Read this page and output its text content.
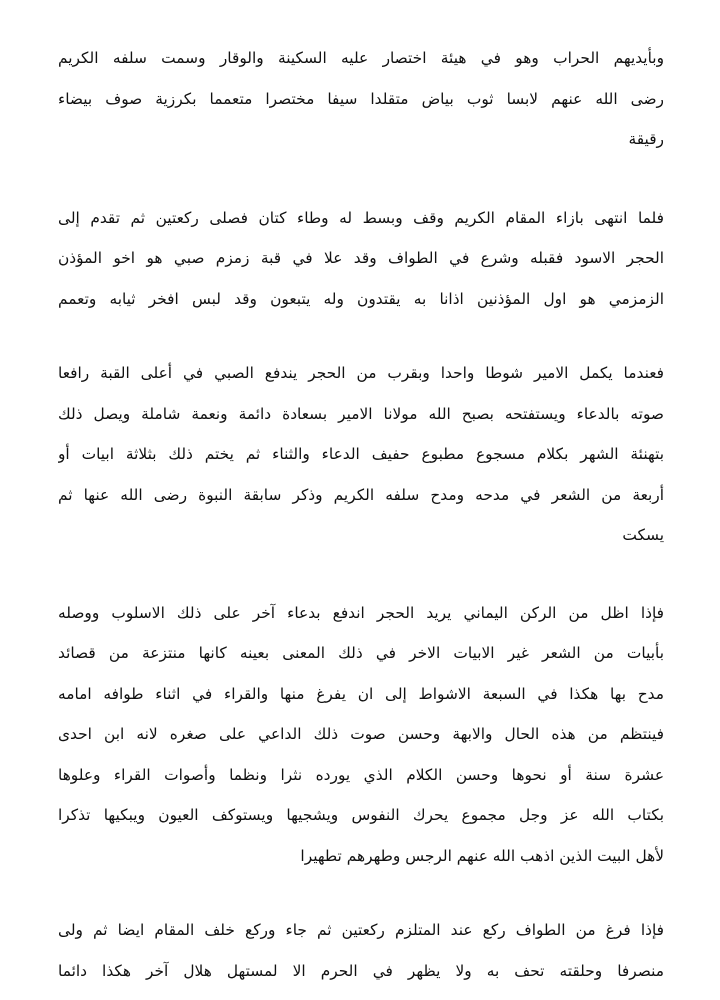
وبأيديهم الحراب وهو في هيئة اختصار عليه السكينة والوقار وسمت سلفه الكريم
رضى الله عنهم لابسا ثوب بياض متقلدا سيفا مختصرا متعمما بكرزية صوف بيضاء
رقيقة
فلما انتهى بازاء المقام الكريم وقف وبسط له وطاء كتان فصلى ركعتين ثم تقدم إلى
الحجر الاسود فقبله وشرع في الطواف وقد علا في قبة زمزم صبي هو اخو المؤذن
الزمزمي هو اول المؤذنين اذانا به يقتدون وله يتبعون وقد لبس افخر ثيابه وتعمم
فعندما يكمل الامير شوطا واحدا وبقرب من الحجر يندفع الصبي في أعلى القبة رافعا
صوته بالدعاء ويستفتحه بصبح الله مولانا الامير بسعادة دائمة ونعمة شاملة ويصل ذلك
بتهنئة الشهر بكلام مسجوع مطبوع حفيف الدعاء والثناء ثم يختم ذلك بثلاثة ابيات أو
أربعة من الشعر في مدحه ومدح سلفه الكريم وذكر سابقة النبوة رضى الله عنها ثم
يسكت
فإذا اظل من الركن اليماني يريد الحجر اندفع بدعاء آخر على ذلك الاسلوب ووصله
بأبيات من الشعر غير الابيات الاخر في ذلك المعنى بعينه كانها منتزعة من قصائد
مدح بها هكذا في السبعة الاشواط إلى ان يفرغ منها والقراء في اثناء طوافه امامه
فينتظم من هذه الحال والابهة وحسن صوت ذلك الداعي على صغره لانه ابن احدى
عشرة سنة أو نحوها وحسن الكلام الذي يورده نثرا ونظما وأصوات القراء وعلوها
بكتاب الله عز وجل مجموع يحرك النفوس ويشجيها ويستوكف العيون ويبكيها تذكرا
لأهل البيت الذين اذهب الله عنهم الرجس وطهرهم تطهيرا
فإذا فرغ من الطواف ركع عند المتلزم ركعتين ثم جاء وركع خلف المقام ايضا ثم ولى
منصرفا وحلقته تحف به ولا يظهر في الحرم الا لمستهل هلال آخر هكذا دائما
